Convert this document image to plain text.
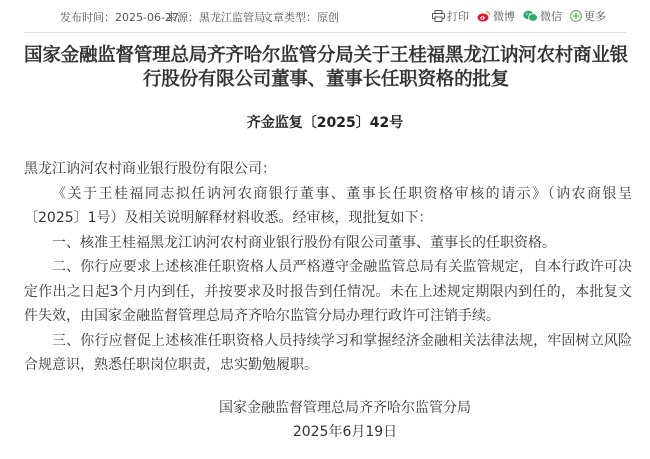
发布时间：2025-06-27
来源：黑龙江监管局
文章类型：原创	打印 微博 微信 更多
国家金融监督管理总局齐齐哈尔监管分局关于王桂福黑龙江讷河农村商业银行股份有限公司董事、董事长任职资格的批复
齐金监复〔2025〕42号

黑龙江讷河农村商业银行股份有限公司：

《关于王桂福同志拟任讷河农商银行董事、董事长任职资格审核的请示》（讷农商银呈〔2025〕1号）及相关说明解释材料收悉。经审核，现批复如下：

一、核准王桂福黑龙江讷河农村商业银行股份有限公司董事、董事长的任职资格。

二、你行应要求上述核准任职资格人员严格遵守金融监管总局有关监管规定，自本行政许可决定作出之日起3个月内到任，并按要求及时报告到任情况。未在上述规定期限内到任的，本批复文件失效，由国家金融监督管理总局齐齐哈尔监管分局办理行政许可注销手续。

三、你行应督促上述核准任职资格人员持续学习和掌握经济金融相关法律法规，牢固树立风险合规意识，熟悉任职岗位职责，忠实勤勉履职。

国家金融监督管理总局齐齐哈尔监管分局
2025年6月19日
